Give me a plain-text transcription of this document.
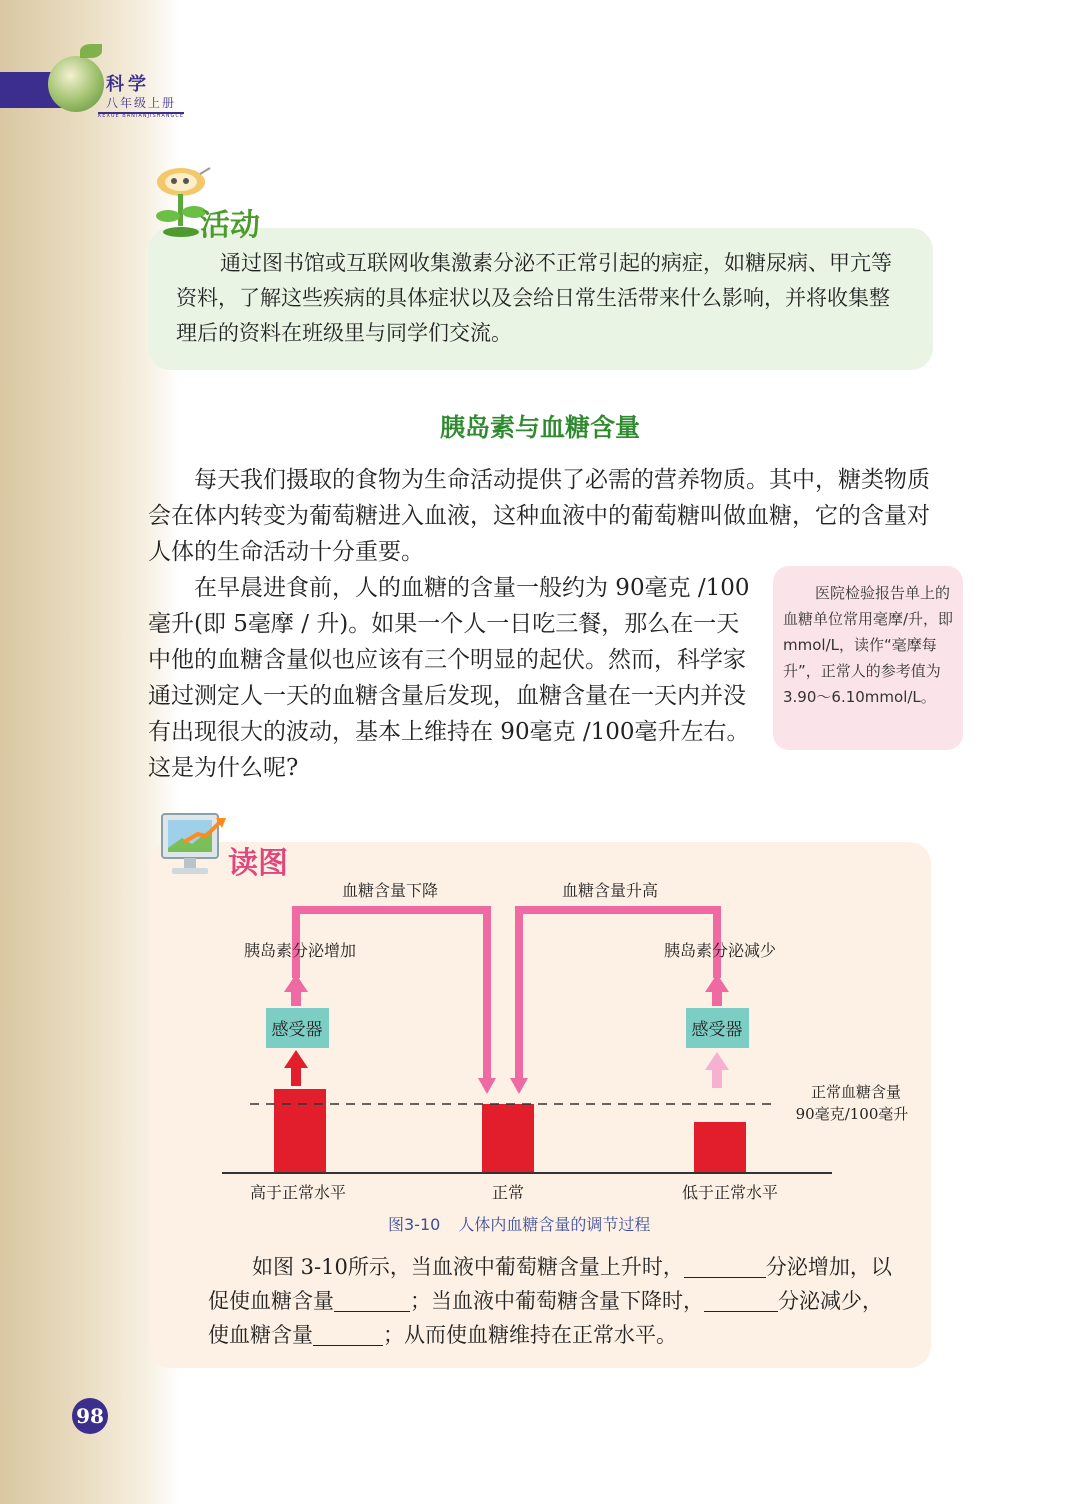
科学
八年级上册
KEXUE BANIANJISHANGCE
活动
通过图书馆或互联网收集激素分泌不正常引起的病症，如糖尿病、甲亢等资料，了解这些疾病的具体症状以及会给日常生活带来什么影响，并将收集整理后的资料在班级里与同学们交流。
胰岛素与血糖含量
每天我们摄取的食物为生命活动提供了必需的营养物质。其中，糖类物质会在体内转变为葡萄糖进入血液，这种血液中的葡萄糖叫做血糖，它的含量对人体的生命活动十分重要。
在早晨进食前，人的血糖的含量一般约为 90毫克 /100毫升(即 5毫摩 / 升)。如果一个人一日吃三餐，那么在一天中他的血糖含量似也应该有三个明显的起伏。然而，科学家通过测定人一天的血糖含量后发现，血糖含量在一天内并没有出现很大的波动，基本上维持在 90毫克 /100毫升左右。这是为什么呢?
医院检验报告单上的血糖单位常用毫摩/升，即mmol/L，读作“毫摩每升”，正常人的参考值为3.90～6.10mmol/L。
读图
感受器	感受器
血糖含量下降	血糖含量升高
胰岛素分泌增加	胰岛素分泌减少
正常血糖含量
90毫克/100毫升
高于正常水平	正常	低于正常水平
图3-10 人体内血糖含量的调节过程
如图 3-10所示，当血液中葡萄糖含量上升时，	分泌增加，以促使血糖含量	；当血液中葡萄糖含量下降时，	分泌减少，使血糖含量	；从而使血糖维持在正常水平。
98
